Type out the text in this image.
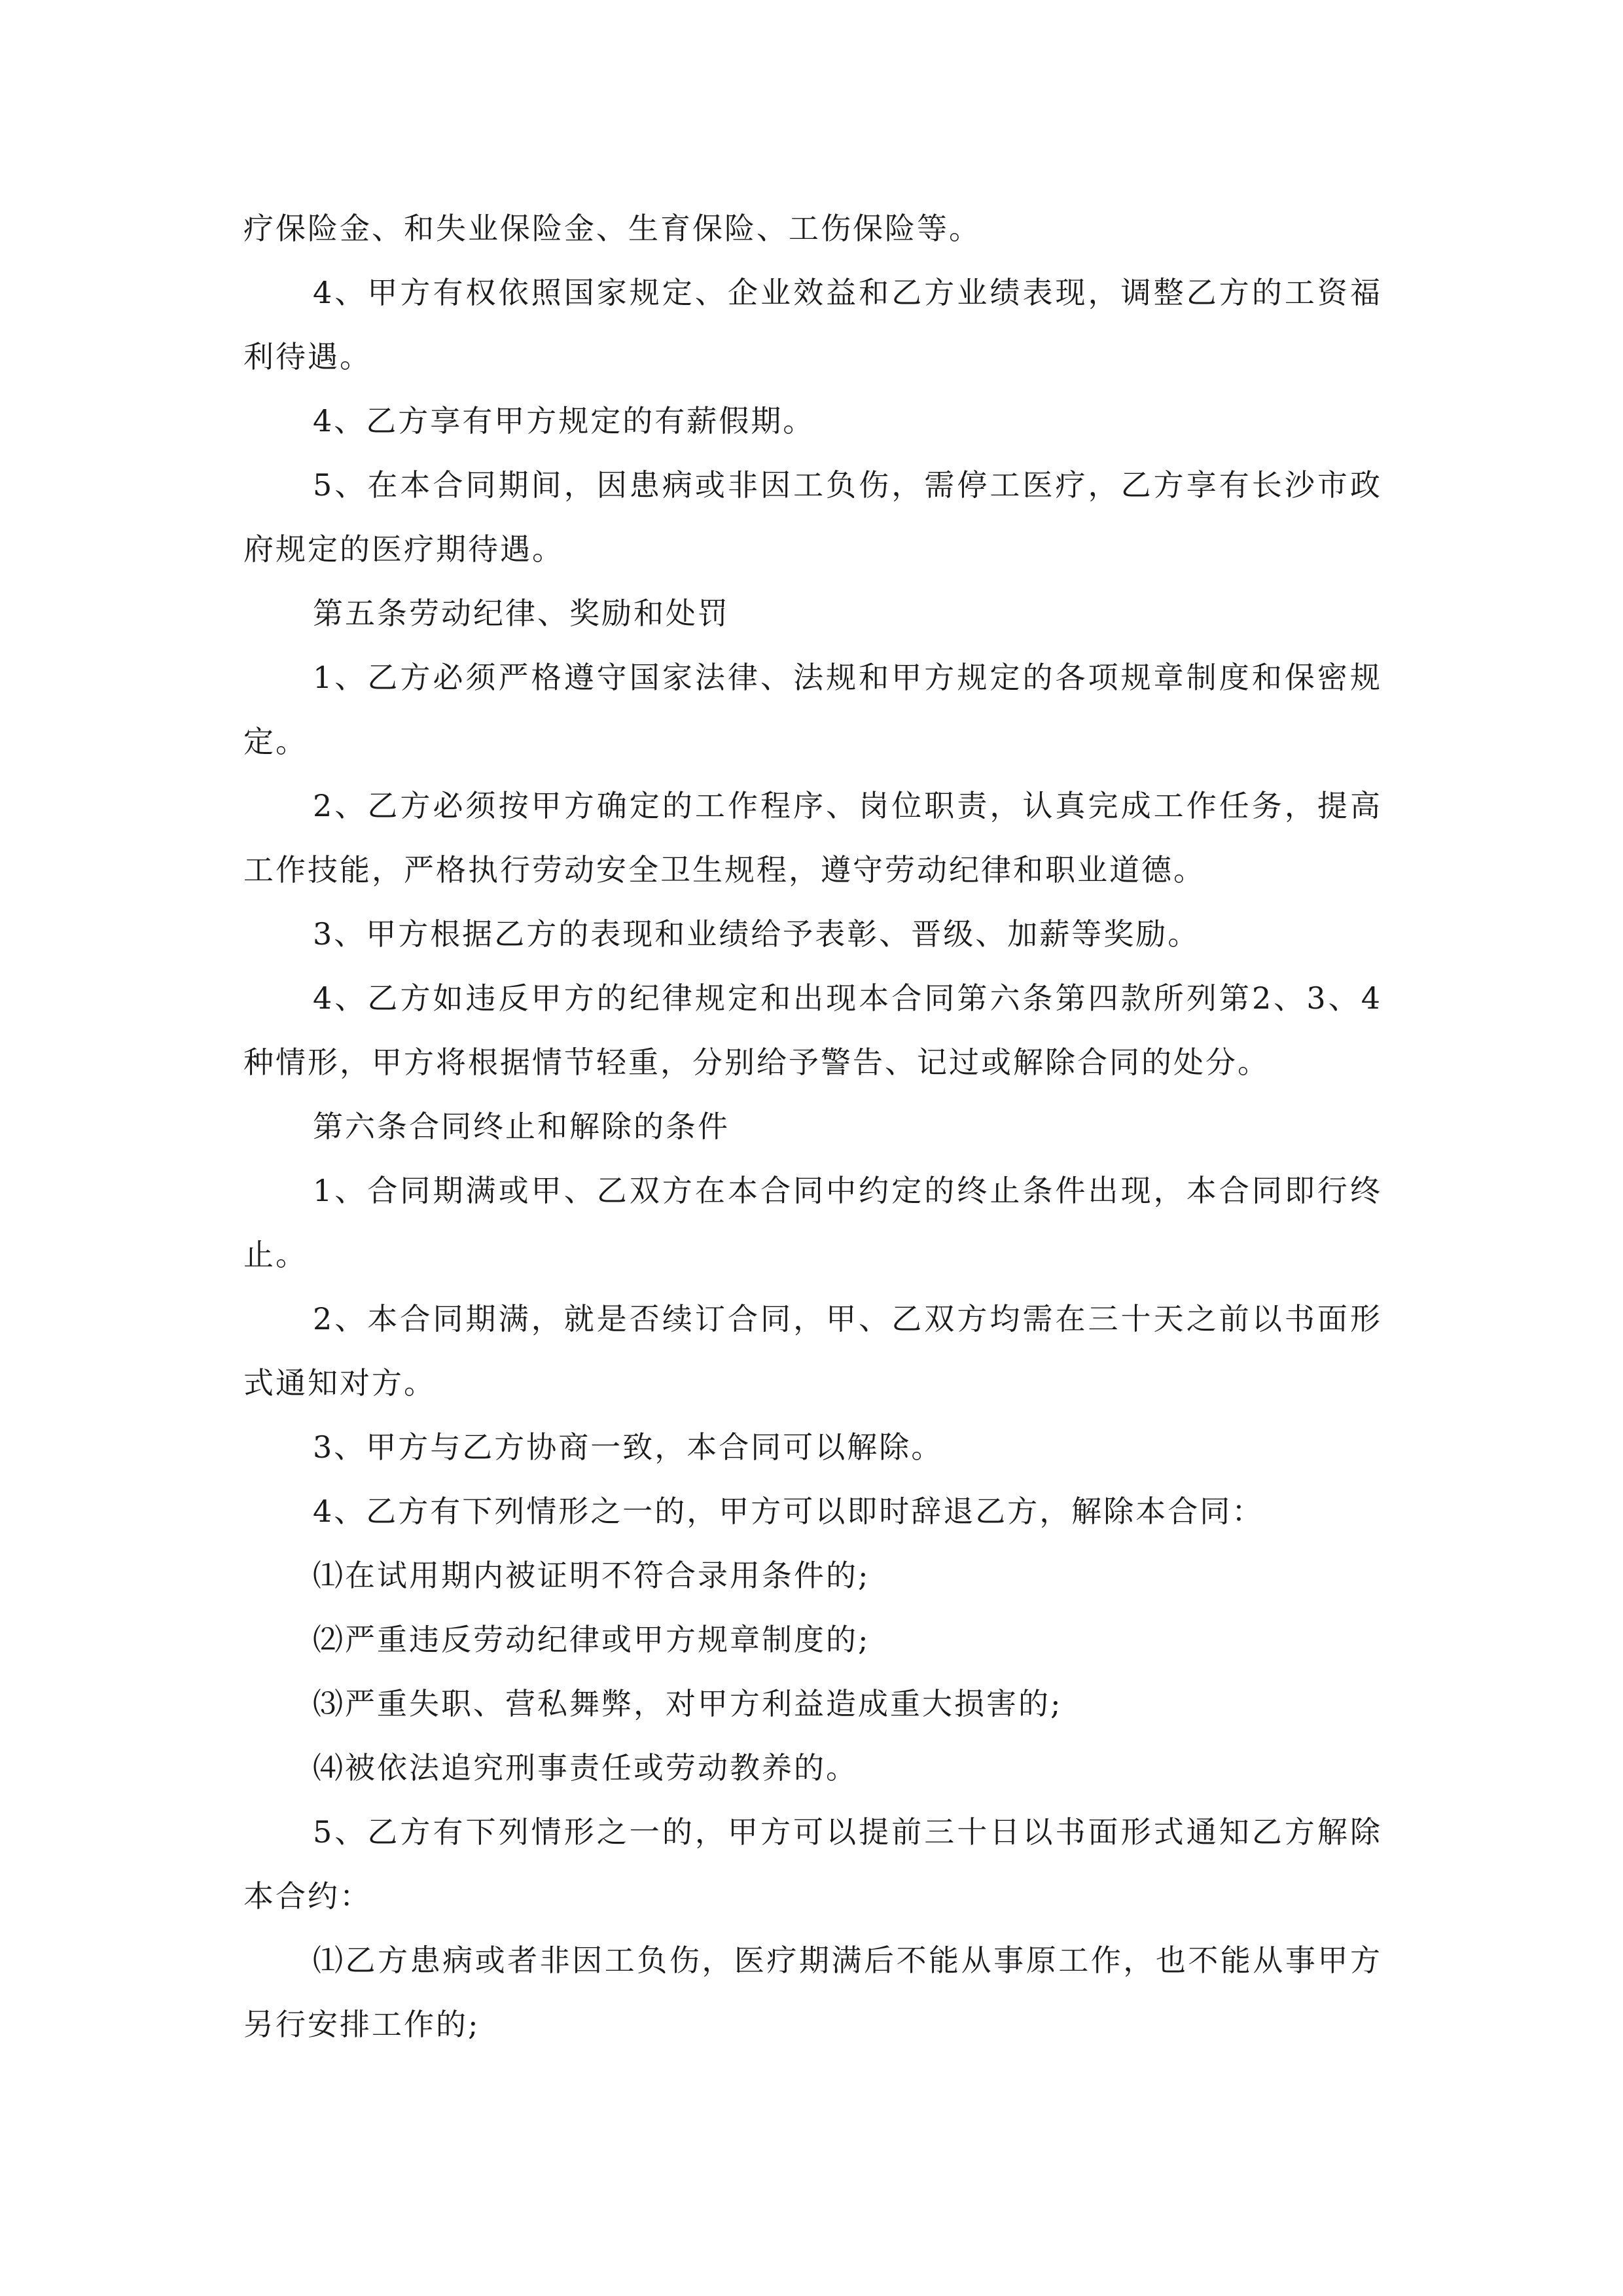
疗保险金、和失业保险金、生育保险、工伤保险等。

4、甲方有权依照国家规定、企业效益和乙方业绩表现，调整乙方的工资福利待遇。

4、乙方享有甲方规定的有薪假期。

5、在本合同期间，因患病或非因工负伤，需停工医疗，乙方享有长沙市政府规定的医疗期待遇。

第五条劳动纪律、奖励和处罚

1、乙方必须严格遵守国家法律、法规和甲方规定的各项规章制度和保密规定。

2、乙方必须按甲方确定的工作程序、岗位职责，认真完成工作任务，提高工作技能，严格执行劳动安全卫生规程，遵守劳动纪律和职业道德。

3、甲方根据乙方的表现和业绩给予表彰、晋级、加薪等奖励。

4、乙方如违反甲方的纪律规定和出现本合同第六条第四款所列第2、3、4种情形，甲方将根据情节轻重，分别给予警告、记过或解除合同的处分。

第六条合同终止和解除的条件

1、合同期满或甲、乙双方在本合同中约定的终止条件出现，本合同即行终止。

2、本合同期满，就是否续订合同，甲、乙双方均需在三十天之前以书面形式通知对方。

3、甲方与乙方协商一致，本合同可以解除。

4、乙方有下列情形之一的，甲方可以即时辞退乙方，解除本合同：

⑴在试用期内被证明不符合录用条件的;

⑵严重违反劳动纪律或甲方规章制度的;

⑶严重失职、营私舞弊，对甲方利益造成重大损害的;

⑷被依法追究刑事责任或劳动教养的。

5、乙方有下列情形之一的，甲方可以提前三十日以书面形式通知乙方解除本合约：

⑴乙方患病或者非因工负伤，医疗期满后不能从事原工作，也不能从事甲方另行安排工作的;
